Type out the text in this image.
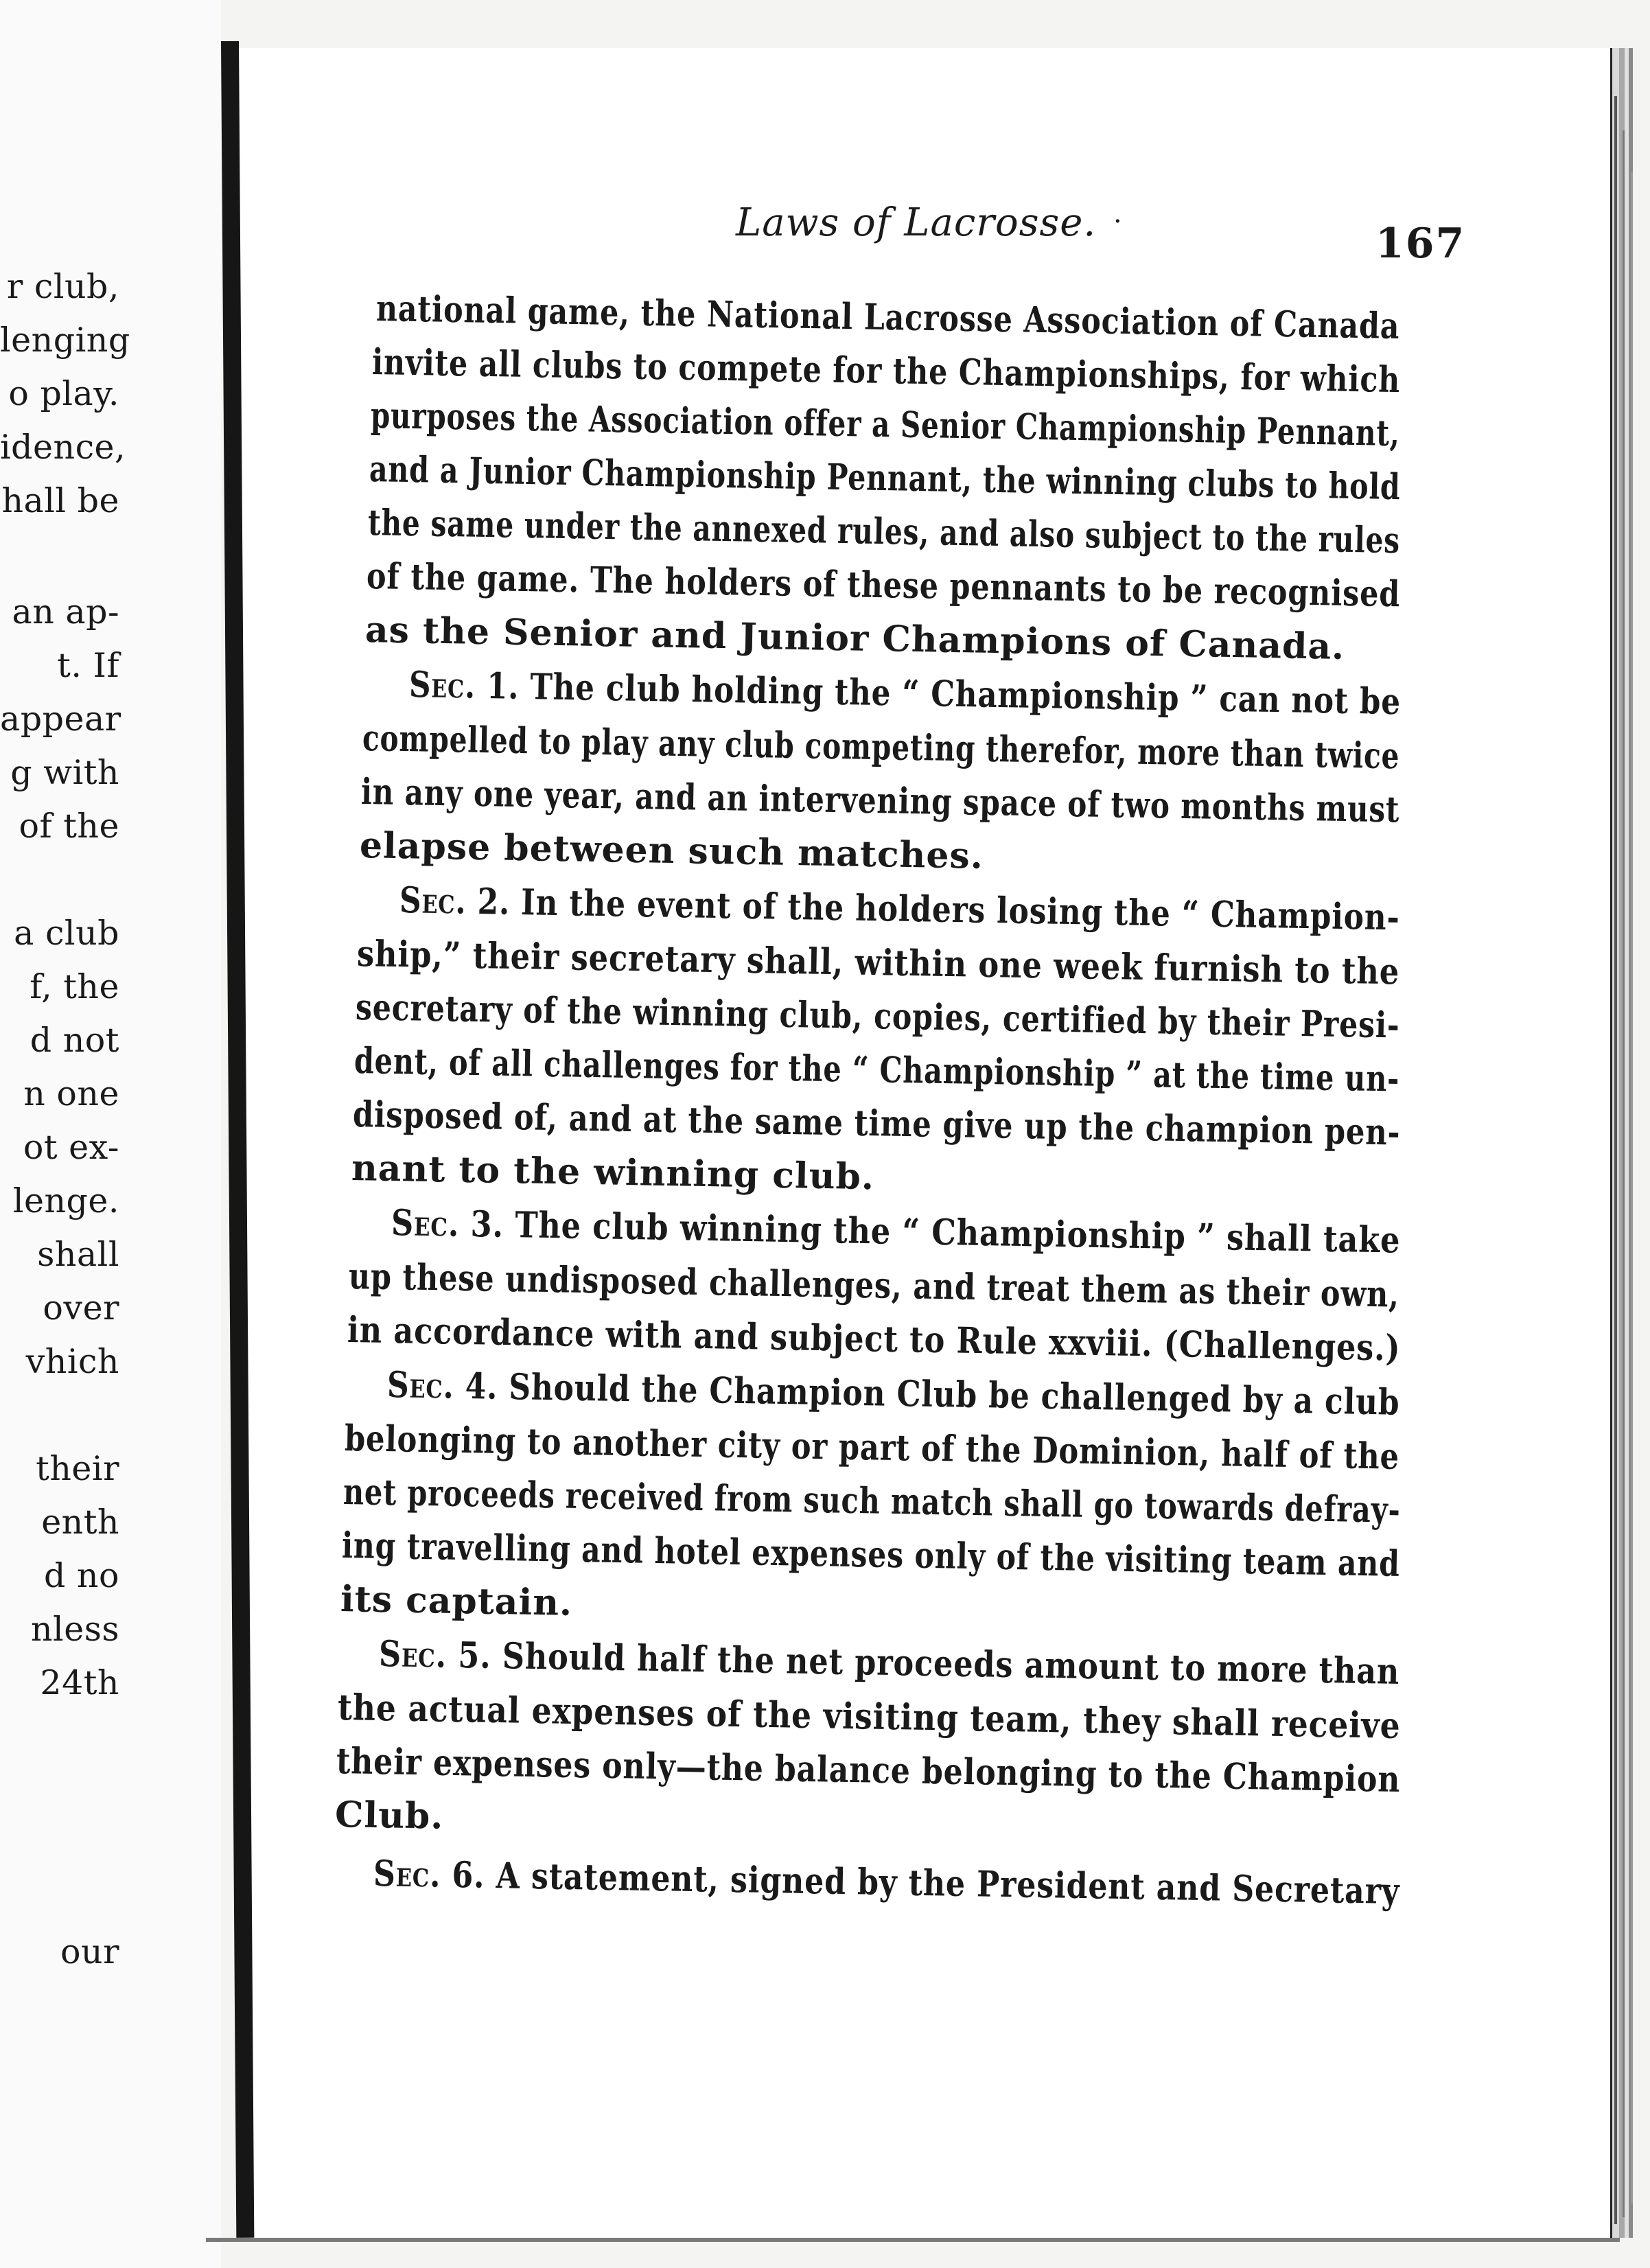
r club,
lenging
o play.
idence,
hall be
an ap-
t. If
appear
g with
of the
a club
f, the
d not
n one
ot ex-
lenge.
shall
over
vhich
their
enth
d no
nless
24th
our
Laws of Lacrosse. ·	167
national game, the National Lacrosse Association of Canada
invite all clubs to compete for the Championships, for which
purposes the Association offer a Senior Championship Pennant,
and a Junior Championship Pennant, the winning clubs to hold
the same under the annexed rules, and also subject to the rules
of the game. The holders of these pennants to be recognised
as the Senior and Junior Champions of Canada.
Sec. 1. The club holding the “ Championship ” can not be
compelled to play any club competing therefor, more than twice
in any one year, and an intervening space of two months must
elapse between such matches.
Sec. 2. In the event of the holders losing the “ Champion-
ship,” their secretary shall, within one week furnish to the
secretary of the winning club, copies, certified by their Presi-
dent, of all challenges for the “ Championship ” at the time un-
disposed of, and at the same time give up the champion pen-
nant to the winning club.
Sec. 3. The club winning the “ Championship ” shall take
up these undisposed challenges, and treat them as their own,
in accordance with and subject to Rule xxviii. (Challenges.)
Sec. 4. Should the Champion Club be challenged by a club
belonging to another city or part of the Dominion, half of the
net proceeds received from such match shall go towards defray-
ing travelling and hotel expenses only of the visiting team and
its captain.
Sec. 5. Should half the net proceeds amount to more than
the actual expenses of the visiting team, they shall receive
their expenses only—the balance belonging to the Champion
Club.
Sec. 6. A statement, signed by the President and Secretary
